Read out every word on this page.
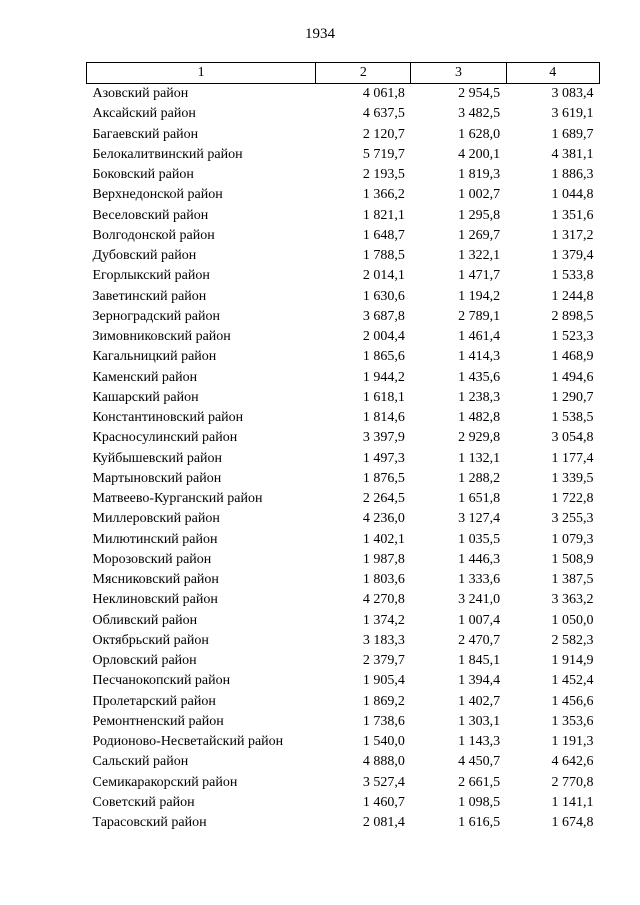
1934
1	2	3	4
Азовский район	4 061,8	2 954,5	3 083,4
Аксайский район	4 637,5	3 482,5	3 619,1
Багаевский район	2 120,7	1 628,0	1 689,7
Белокалитвинский район	5 719,7	4 200,1	4 381,1
Боковский район	2 193,5	1 819,3	1 886,3
Верхнедонской район	1 366,2	1 002,7	1 044,8
Веселовский район	1 821,1	1 295,8	1 351,6
Волгодонской район	1 648,7	1 269,7	1 317,2
Дубовский район	1 788,5	1 322,1	1 379,4
Егорлыкский район	2 014,1	1 471,7	1 533,8
Заветинский район	1 630,6	1 194,2	1 244,8
Зерноградский район	3 687,8	2 789,1	2 898,5
Зимовниковский район	2 004,4	1 461,4	1 523,3
Кагальницкий район	1 865,6	1 414,3	1 468,9
Каменский район	1 944,2	1 435,6	1 494,6
Кашарский район	1 618,1	1 238,3	1 290,7
Константиновский район	1 814,6	1 482,8	1 538,5
Красносулинский район	3 397,9	2 929,8	3 054,8
Куйбышевский район	1 497,3	1 132,1	1 177,4
Мартыновский район	1 876,5	1 288,2	1 339,5
Матвеево-Курганский район	2 264,5	1 651,8	1 722,8
Миллеровский район	4 236,0	3 127,4	3 255,3
Милютинский район	1 402,1	1 035,5	1 079,3
Морозовский район	1 987,8	1 446,3	1 508,9
Мясниковский район	1 803,6	1 333,6	1 387,5
Неклиновский район	4 270,8	3 241,0	3 363,2
Обливский район	1 374,2	1 007,4	1 050,0
Октябрьский район	3 183,3	2 470,7	2 582,3
Орловский район	2 379,7	1 845,1	1 914,9
Песчанокопский район	1 905,4	1 394,4	1 452,4
Пролетарский район	1 869,2	1 402,7	1 456,6
Ремонтненский район	1 738,6	1 303,1	1 353,6
Родионово-Несветайский район	1 540,0	1 143,3	1 191,3
Сальский район	4 888,0	4 450,7	4 642,6
Семикаракорский район	3 527,4	2 661,5	2 770,8
Советский район	1 460,7	1 098,5	1 141,1
Тарасовский район	2 081,4	1 616,5	1 674,8
